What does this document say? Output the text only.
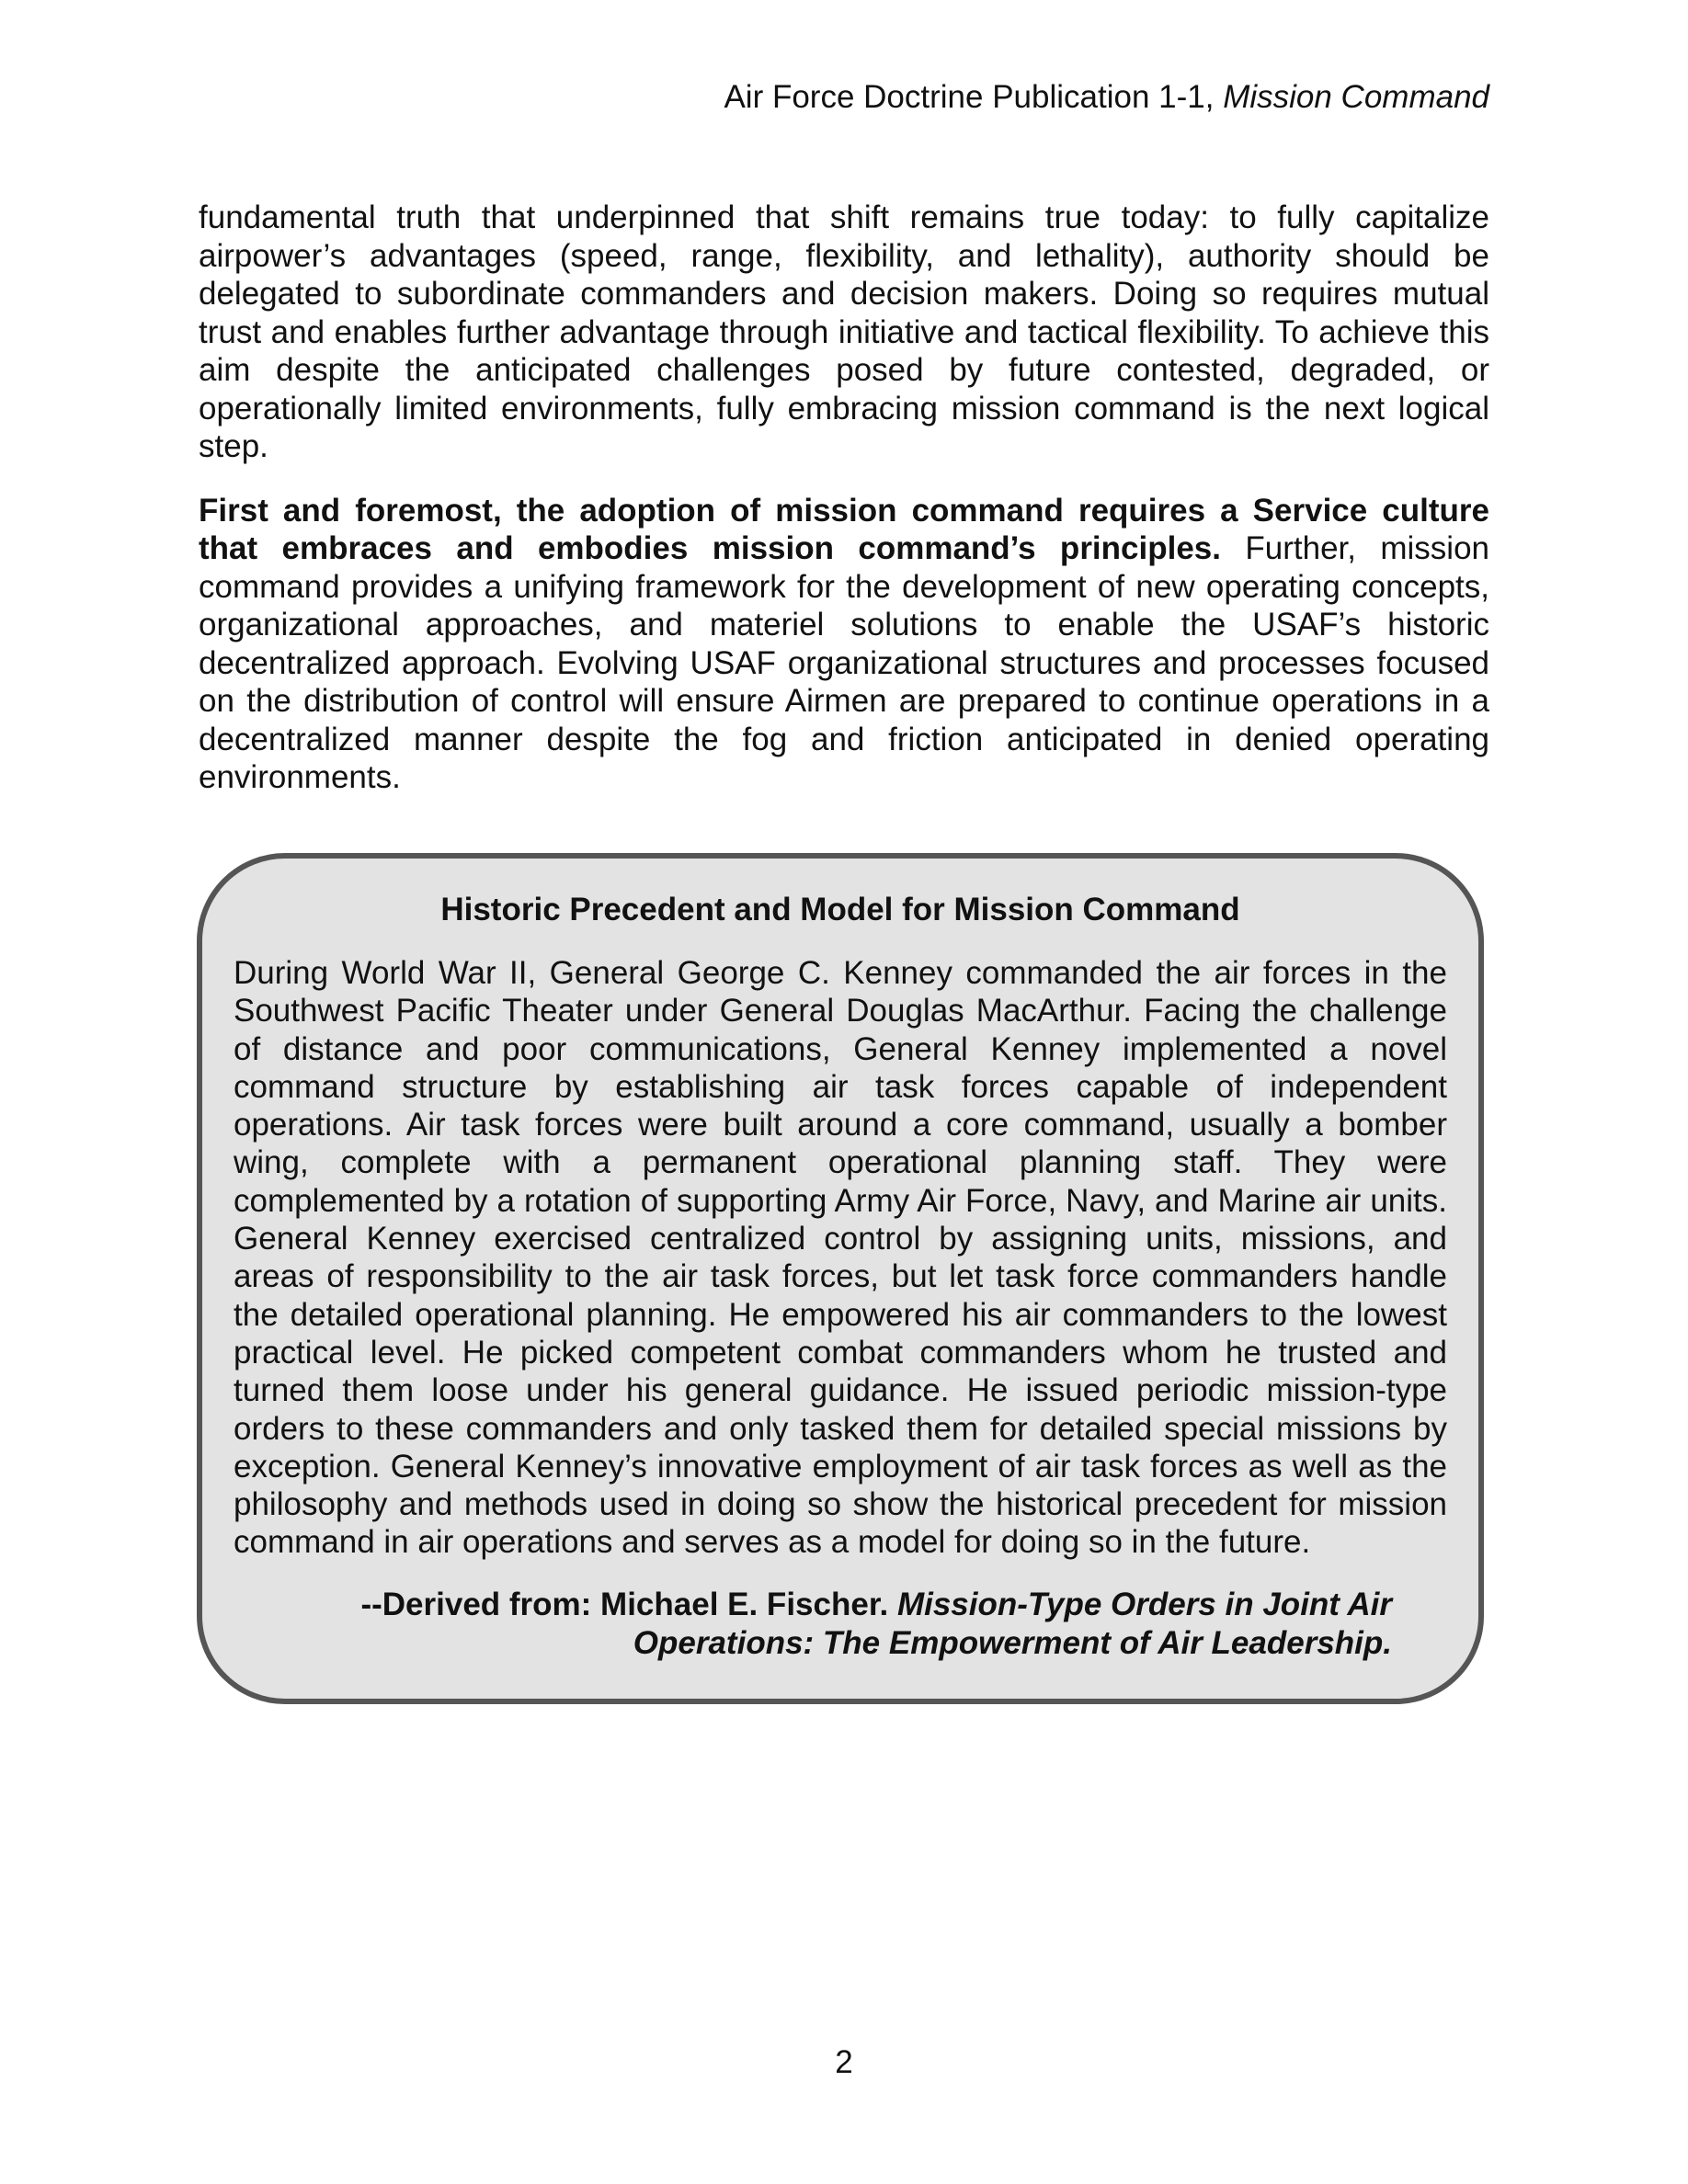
Air Force Doctrine Publication 1-1, Mission Command

fundamental truth that underpinned that shift remains true today: to fully capitalize airpower’s advantages (speed, range, flexibility, and lethality), authority should be delegated to subordinate commanders and decision makers. Doing so requires mutual trust and enables further advantage through initiative and tactical flexibility. To achieve this aim despite the anticipated challenges posed by future contested, degraded, or operationally limited environments, fully embracing mission command is the next logical step.

First and foremost, the adoption of mission command requires a Service culture that embraces and embodies mission command’s principles. Further, mission command provides a unifying framework for the development of new operating concepts, organizational approaches, and materiel solutions to enable the USAF’s historic decentralized approach. Evolving USAF organizational structures and processes focused on the distribution of control will ensure Airmen are prepared to continue operations in a decentralized manner despite the fog and friction anticipated in denied operating environments.

Historic Precedent and Model for Mission Command
During World War II, General George C. Kenney commanded the air forces in the Southwest Pacific Theater under General Douglas MacArthur. Facing the challenge of distance and poor communications, General Kenney implemented a novel command structure by establishing air task forces capable of independent operations. Air task forces were built around a core command, usually a bomber wing, complete with a permanent operational planning staff. They were complemented by a rotation of supporting Army Air Force, Navy, and Marine air units. General Kenney exercised centralized control by assigning units, missions, and areas of responsibility to the air task forces, but let task force commanders handle the detailed operational planning. He empowered his air commanders to the lowest practical level. He picked competent combat commanders whom he trusted and turned them loose under his general guidance. He issued periodic mission-type orders to these commanders and only tasked them for detailed special missions by exception. General Kenney’s innovative employment of air task forces as well as the philosophy and methods used in doing so show the historical precedent for mission command in air operations and serves as a model for doing so in the future.
--Derived from: Michael E. Fischer. Mission-Type Orders in Joint Air
Operations: The Empowerment of Air Leadership.
2
